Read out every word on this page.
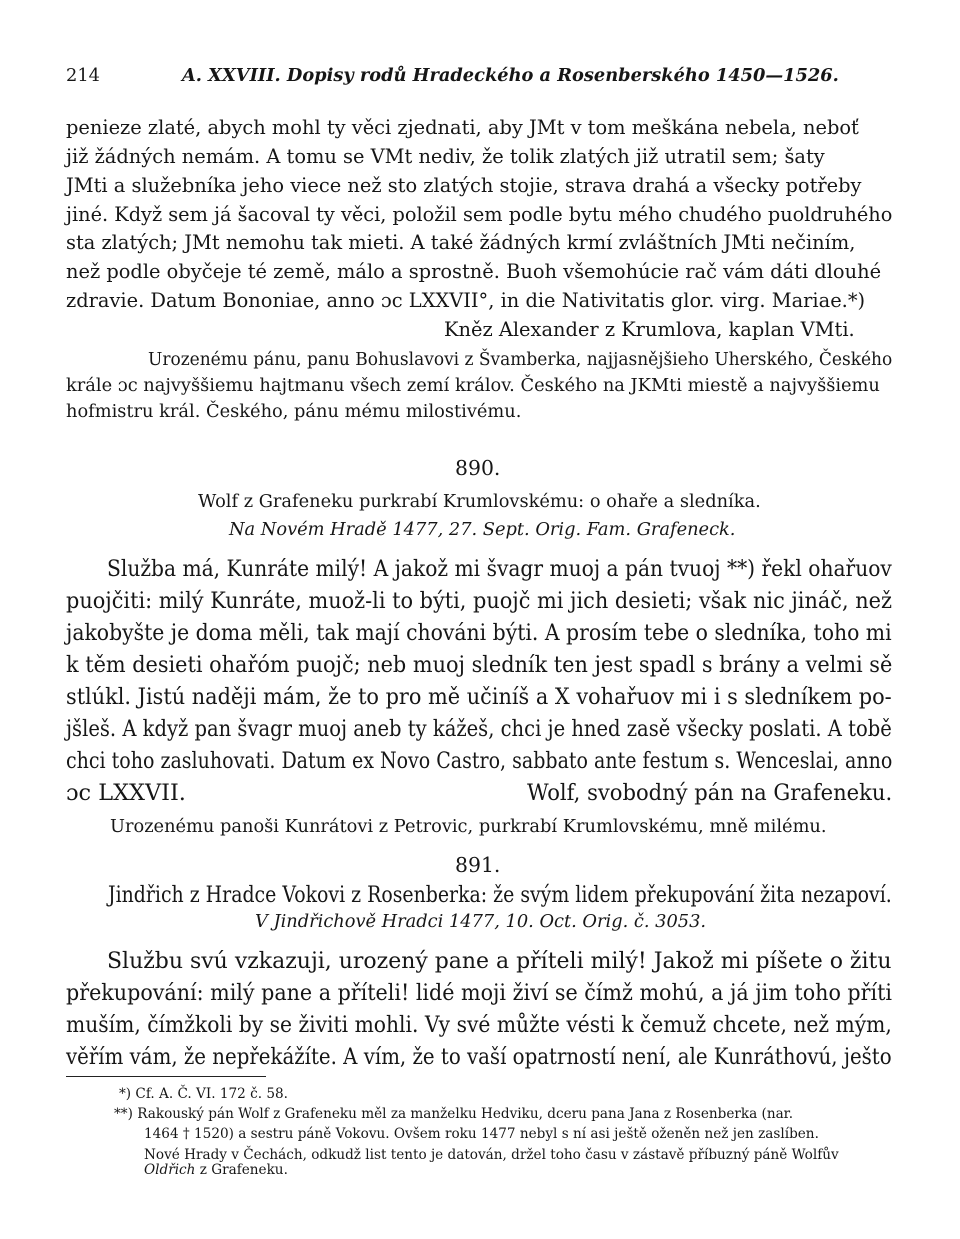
214	A. XXVIII. Dopisy rodů Hradeckého a Rosenberského 1450—1526.
penieze zlaté, abych mohl ty věci zjednati, aby JMt v tom meškána nebela, neboť
již žádných nemám. A tomu se VMt nediv, že tolik zlatých již utratil sem; šaty
JMti a služebníka jeho viece než sto zlatých stojie, strava drahá a všecky potřeby
jiné. Když sem já šacoval ty věci, položil sem podle bytu mého chudého puoldruhého
sta zlatých; JMt nemohu tak mieti. A také žádných krmí zvláštních JMti nečiním,
než podle obyčeje té země, málo a sprostně. Buoh všemohúcie rač vám dáti dlouhé
zdravie. Datum Bononiae, anno ɔc LXXVII°, in die Nativitatis glor. virg. Mariae.*)
Kněz Alexander z Krumlova, kaplan VMti.
Urozenému pánu, panu Bohuslavovi z Švamberka, najjasnějšieho Uherského, Českého
krále ɔc najvyššiemu hajtmanu všech zemí králov. Českého na JKMti miestě a najvyššiemu
hofmistru král. Českého, pánu mému milostivému.
890.
Wolf z Grafeneku purkrabí Krumlovskému: o ohaře a sledníka.
Na Novém Hradě 1477, 27. Sept. Orig. Fam. Grafeneck.
Služba má, Kunráte milý! A jakož mi švagr muoj a pán tvuoj **) řekl ohařuov
puojčiti: milý Kunráte, muož-li to býti, puojč mi jich desieti; však nic jináč, než
jakobyšte je doma měli, tak mají chováni býti. A prosím tebe o sledníka, toho mi
k těm desieti ohařóm puojč; neb muoj sledník ten jest spadl s brány a velmi sě
stlúkl. Jistú naději mám, že to pro mě učiníš a X vohařuov mi i s sledníkem po-
jšleš. A když pan švagr muoj aneb ty kážeš, chci je hned zasě všecky poslati. A tobě
chci toho zasluhovati. Datum ex Novo Castro, sabbato ante festum s. Wenceslai, anno
ɔc LXXVII.	Wolf, svobodný pán na Grafeneku.
Urozenému panoši Kunrátovi z Petrovic, purkrabí Krumlovskému, mně milému.
891.
Jindřich z Hradce Vokovi z Rosenberka: že svým lidem překupování žita nezapoví.
V Jindřichově Hradci 1477, 10. Oct. Orig. č. 3053.
Službu svú vzkazuji, urozený pane a příteli milý! Jakož mi píšete o žitu
překupování: milý pane a příteli! lidé moji živí se čímž mohú, a já jim toho příti
muším, čímžkoli by se živiti mohli. Vy své můžte vésti k čemuž chcete, než mým,
věřím vám, že nepřekážíte. A vím, že to vaší opatrností není, ale Kunráthovú, ješto
*) Cf. A. Č. VI. 172 č. 58.
**) Rakouský pán Wolf z Grafeneku měl za manželku Hedviku, dceru pana Jana z Rosenberka (nar.
1464 † 1520) a sestru páně Vokovu. Ovšem roku 1477 nebyl s ní asi ještě oženěn než jen zaslíben.
Nové Hrady v Čechách, odkudž list tento je datován, držel toho času v zástavě příbuzný páně Wolfův
Oldřich z Grafeneku.
